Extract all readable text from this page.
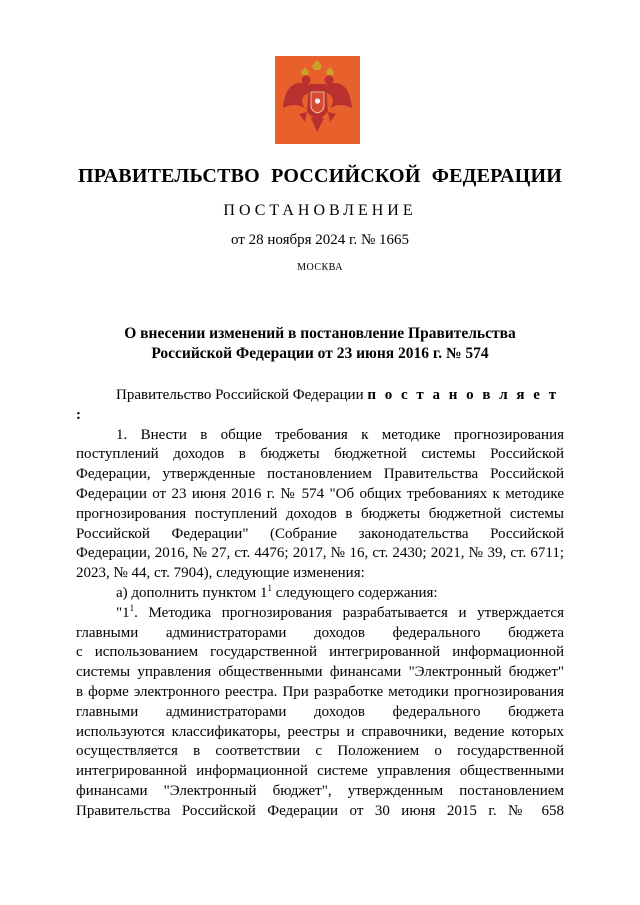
ПРАВИТЕЛЬСТВО РОССИЙСКОЙ ФЕДЕРАЦИИ
ПОСТАНОВЛЕНИЕ
от 28 ноября 2024 г. № 1665
МОСКВА
О внесении изменений в постановление Правительства
Российской Федерации от 23 июня 2016 г. № 574

Правительство Российской Федерации п о с т а н о в л я е т :

1. Внести в общие требования к методике прогнозирования

поступлений доходов в бюджеты бюджетной системы Российской

Федерации, утвержденные постановлением Правительства Российской

Федерации от 23 июня 2016 г. № 574 "Об общих требованиях к методике

прогнозирования поступлений доходов в бюджеты бюджетной системы

Российской Федерации" (Собрание законодательства Российской

Федерации, 2016, № 27, ст. 4476; 2017, № 16, ст. 2430; 2021, № 39, ст. 6711;

2023, № 44, ст. 7904), следующие изменения:

а) дополнить пунктом $1^1$ следующего содержания:

"$1^1$. Методика прогнозирования разрабатывается и утверждается

главными администраторами доходов федерального бюджета

с использованием государственной интегрированной информационной

системы управления общественными финансами "Электронный бюджет"

в форме электронного реестра. При разработке методики прогнозирования

главными администраторами доходов федерального бюджета

используются классификаторы, реестры и справочники, ведение которых

осуществляется в соответствии с Положением о государственной

интегрированной информационной системе управления общественными

финансами "Электронный бюджет", утвержденным постановлением

Правительства Российской Федерации от 30 июня 2015 г. № 658
